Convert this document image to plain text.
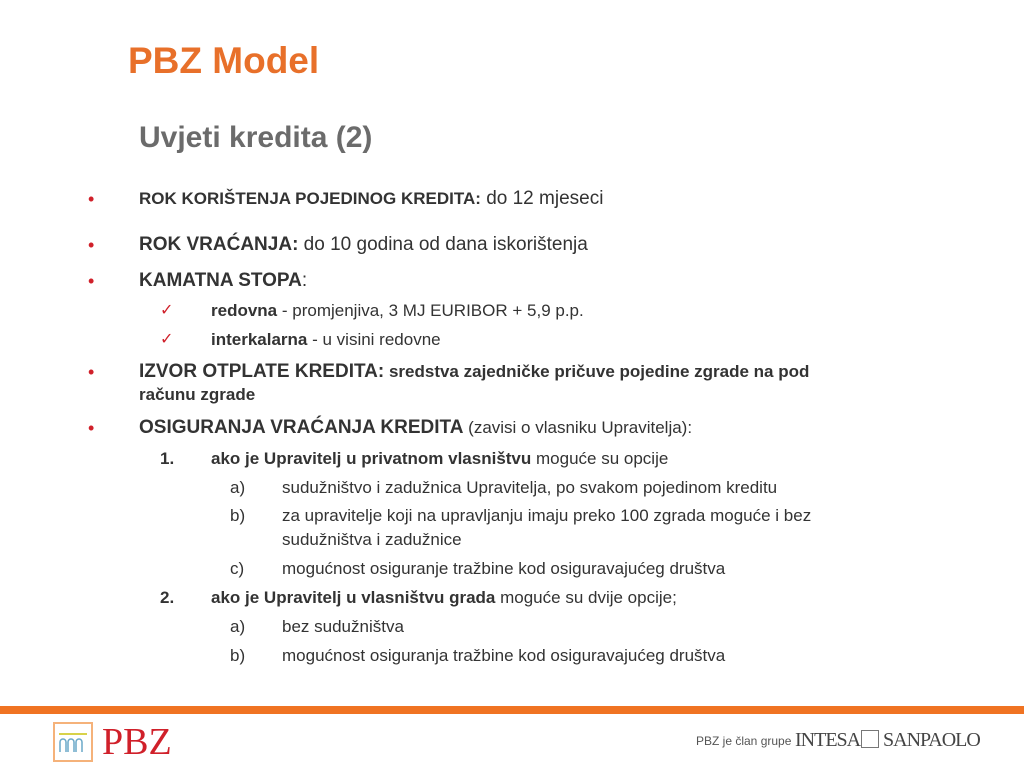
PBZ Model
Uvjeti kredita (2)
•	ROK KORIŠTENJA POJEDINOG KREDITA: do 12 mjeseci
• ROK VRAĆANJA: do 10 godina od dana iskorištenja
• KAMATNA STOPA:
✓ redovna - promjenjiva, 3 MJ EURIBOR + 5,9 p.p.
✓ interkalarna - u visini redovne
• IZVOR OTPLATE KREDITA: sredstva zajedničke pričuve pojedine zgrade na pod
računu zgrade
• OSIGURANJA VRAĆANJA KREDITA (zavisi o vlasniku Upravitelja):
1. ako je Upravitelj u privatnom vlasništvu moguće su opcije
a) sudužništvo i zadužnica Upravitelja, po svakom pojedinom kreditu
b) za upravitelje koji na upravljanju imaju preko 100 zgrada moguće i bez
sudužništva i zadužnice
c) mogućnost osiguranje tražbine kod osiguravajućeg društva
2. ako je Upravitelj u vlasništvu grada moguće su dvije opcije;
a) bez sudužništva
b) mogućnost osiguranja tražbine kod osiguravajućeg društva
PBZ	PBZ je član grupe INTESA SANPAOLO
